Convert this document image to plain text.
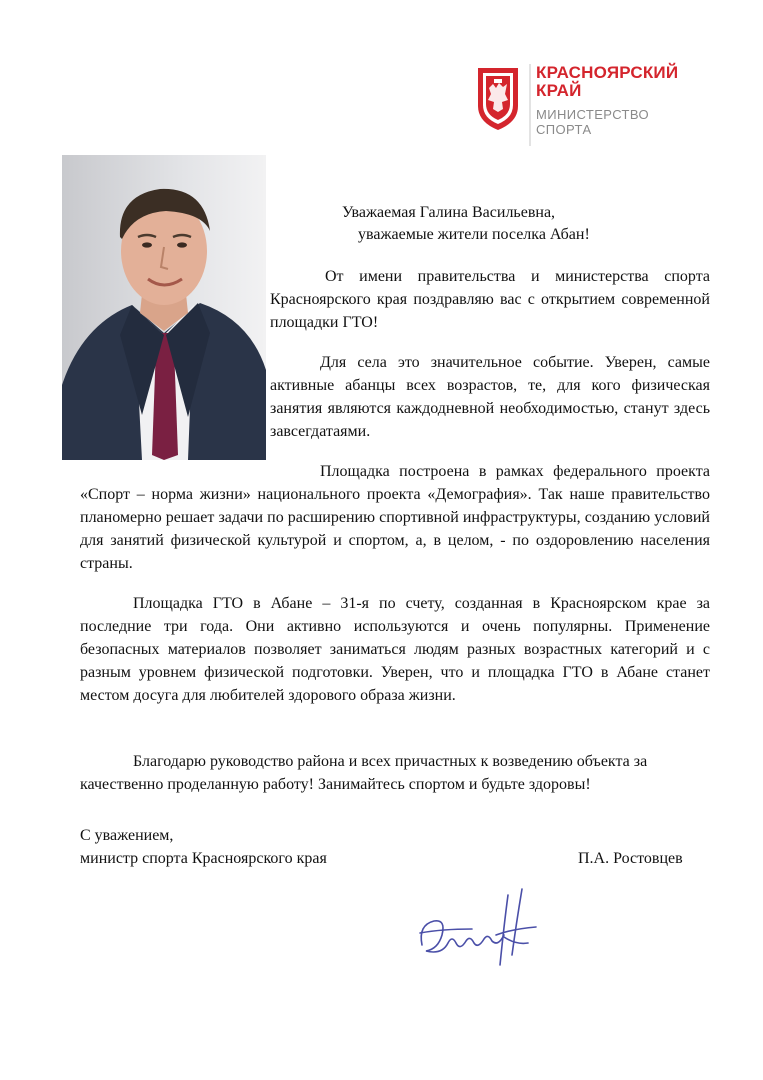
КРАСНОЯРСКИЙ
КРАЙ
МИНИСТЕРСТВО
СПОРТА
Уважаемая Галина Васильевна,
уважаемые жители поселка Абан!

От имени правительства и министерства спорта Красноярского края поздравляю вас с открытием современной площадки ГТО!

Для села это значительное событие. Уверен, самые активные абанцы всех возрастов, те, для кого физическая занятия являются каждодневной необходимостью, станут здесь завсегдатаями.

Площадка построена в рамках федерального проекта «Спорт – норма жизни» национального проекта «Демография». Так наше правительство планомерно решает задачи по расширению спортивной инфраструктуры, созданию условий для занятий физической культурой и спортом, а, в целом, - по оздоровлению населения страны.

Площадка ГТО в Абане – 31-я по счету, созданная в Красноярском крае за последние три года. Они активно используются и очень популярны. Применение безопасных материалов позволяет заниматься людям разных возрастных категорий и с разным уровнем физической подготовки. Уверен, что и площадка ГТО в Абане станет местом досуга для любителей здорового образа жизни.

Благодарю руководство района и всех причастных к возведению объекта за качественно проделанную работу! Занимайтесь спортом и будьте здоровы!

С уважением,
министр спорта Красноярского края	П.А. Ростовцев
